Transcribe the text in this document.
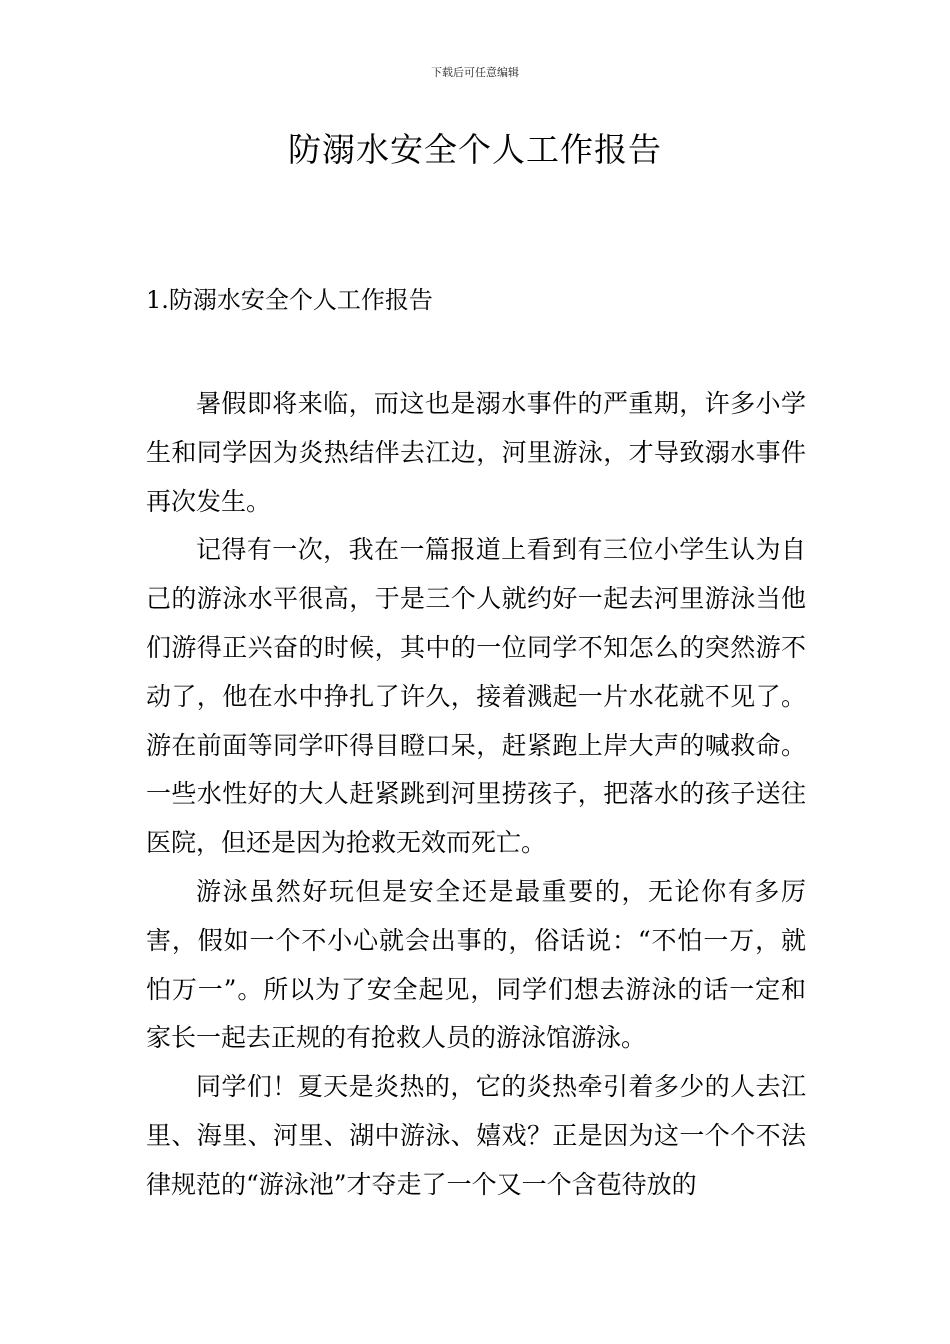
下载后可任意编辑
防溺水安全个人工作报告
1.防溺水安全个人工作报告

暑假即将来临，而这也是溺水事件的严重期，许多小学生和同学因为炎热结伴去江边，河里游泳，才导致溺水事件再次发生。

记得有一次，我在一篇报道上看到有三位小学生认为自己的游泳水平很高，于是三个人就约好一起去河里游泳当他们游得正兴奋的时候，其中的一位同学不知怎么的突然游不动了，他在水中挣扎了许久，接着溅起一片水花就不见了。游在前面等同学吓得目瞪口呆，赶紧跑上岸大声的喊救命。一些水性好的大人赶紧跳到河里捞孩子，把落水的孩子送往医院，但还是因为抢救无效而死亡。

游泳虽然好玩但是安全还是最重要的，无论你有多厉害，假如一个不小心就会出事的，俗话说：“不怕一万，就怕万一”。所以为了安全起见，同学们想去游泳的话一定和家长一起去正规的有抢救人员的游泳馆游泳。

同学们！夏天是炎热的，它的炎热牵引着多少的人去江里、海里、河里、湖中游泳、嬉戏？正是因为这一个个不法律规范的“游泳池”才夺走了一个又一个含苞待放的
